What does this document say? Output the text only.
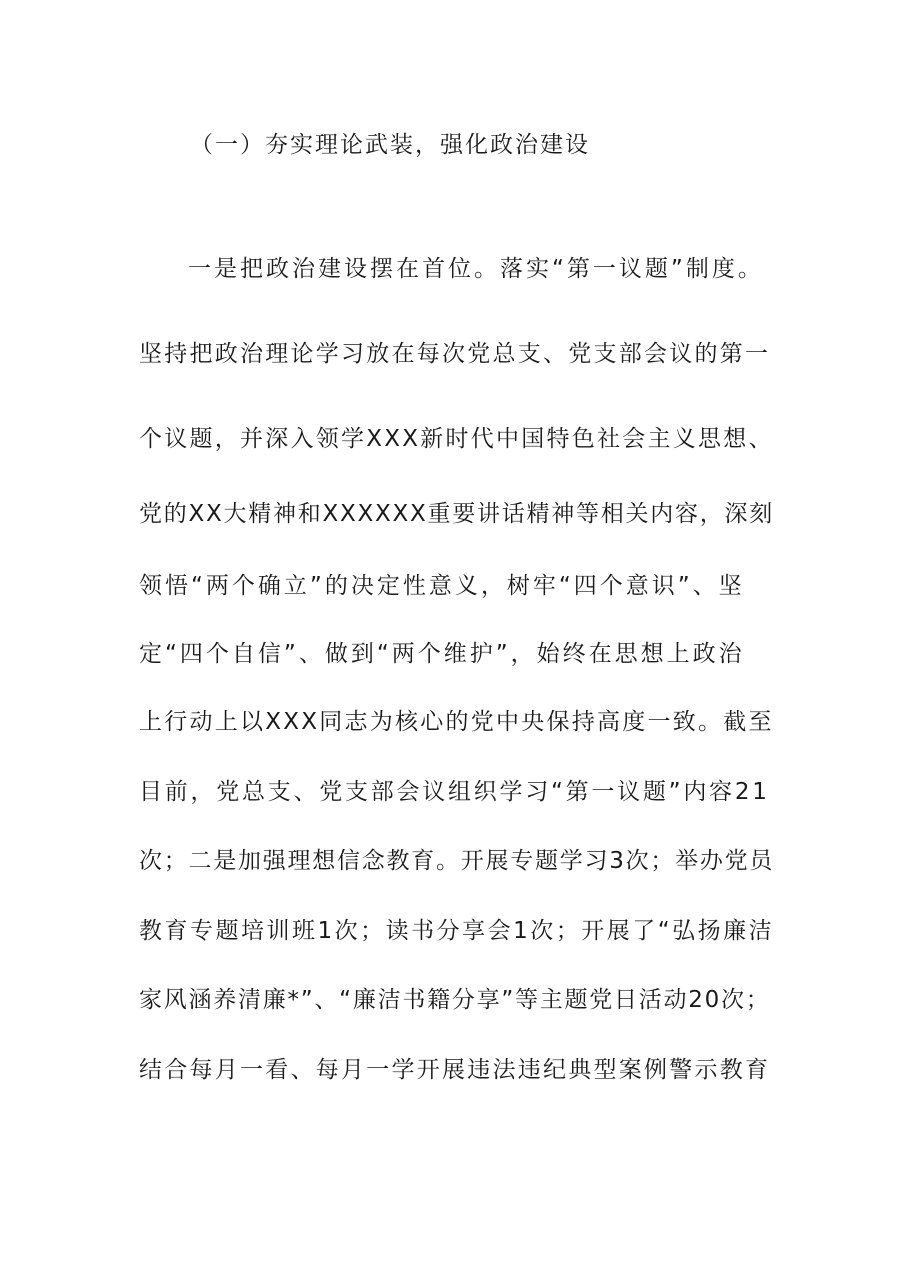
（一）夯实理论武装，强化政治建设
一是把政治建设摆在首位。落实“第一议题”制度。
坚持把政治理论学习放在每次党总支、党支部会议的第一
个议题，并深入领学XXX新时代中国特色社会主义思想、
党的XX大精神和XXXXXX重要讲话精神等相关内容，深刻
领悟“两个确立”的决定性意义，树牢“四个意识”、坚
定“四个自信”、做到“两个维护”，始终在思想上政治
上行动上以XXX同志为核心的党中央保持高度一致。截至
目前，党总支、党支部会议组织学习“第一议题”内容21
次；二是加强理想信念教育。开展专题学习3次；举办党员
教育专题培训班1次；读书分享会1次；开展了“弘扬廉洁
家风涵养清廉*”、“廉洁书籍分享”等主题党日活动20次；
结合每月一看、每月一学开展违法违纪典型案例警示教育
